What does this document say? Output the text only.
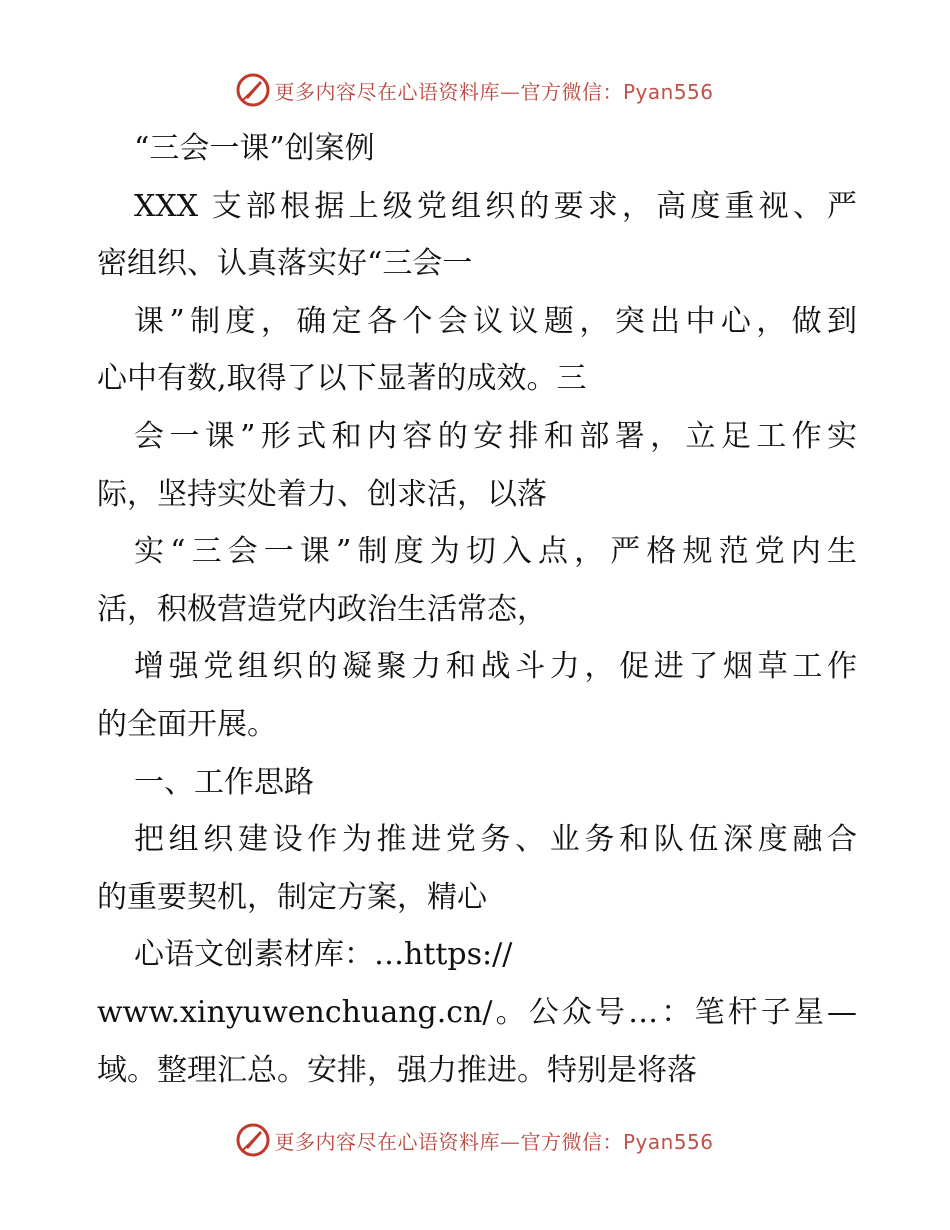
更多内容尽在心语资料库—官方微信：Pyan556
“三会一课”创案例
XXX 支部根据上级党组织的要求，高度重视、严
密组织、认真落实好“三会一
课”制度，确定各个会议议题，突出中心，做到
心中有数,取得了以下显著的成效。三
会一课”形式和内容的安排和部署，立足工作实
际，坚持实处着力、创求活，以落
实“三会一课”制度为切入点，严格规范党内生
活，积极营造党内政治生活常态，
增强党组织的凝聚力和战斗力，促进了烟草工作
的全面开展。
一、工作思路
把组织建设作为推进党务、业务和队伍深度融合
的重要契机，制定方案，精心
心语文创素材库：…https://
www.xinyuwenchuang.cn/。公众号…：笔杆子星—
域。整理汇总。安排，强力推进。特别是将落
更多内容尽在心语资料库—官方微信：Pyan556
